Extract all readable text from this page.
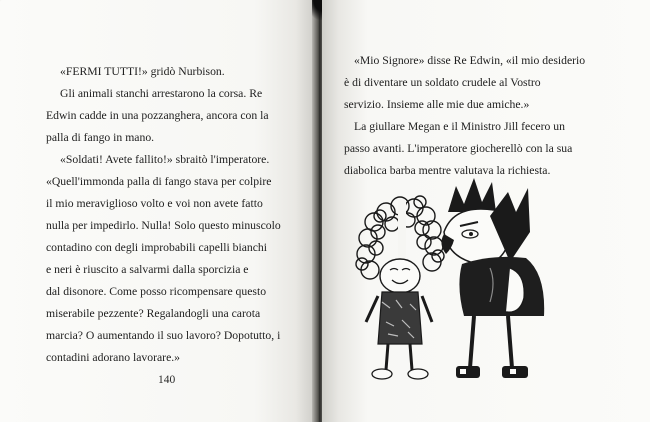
«FERMI TUTTI!» gridò Nurbison.

Gli animali stanchi arrestarono la corsa. Re
Edwin cadde in una pozzanghera, ancora con la
palla di fango in mano.

«Soldati! Avete fallito!» sbraitò l'imperatore.

«Quell'immonda palla di fango stava per colpire
il mio meraviglioso volto e voi non avete fatto
nulla per impedirlo. Nulla! Solo questo minuscolo
contadino con degli improbabili capelli bianchi
e neri è riuscito a salvarmi dalla sporcizia e
dal disonore. Come posso ricompensare questo
miserabile pezzente? Regalandogli una carota
marcia? O aumentando il suo lavoro? Dopotutto, i
contadini adorano lavorare.»

140

«Mio Signore» disse Re Edwin, «il mio desiderio
è di diventare un soldato crudele al Vostro
servizio. Insieme alle mie due amiche.»

La giullare Megan e il Ministro Jill fecero un
passo avanti. L'imperatore giocherellò con la sua
diabolica barba mentre valutava la richiesta.
